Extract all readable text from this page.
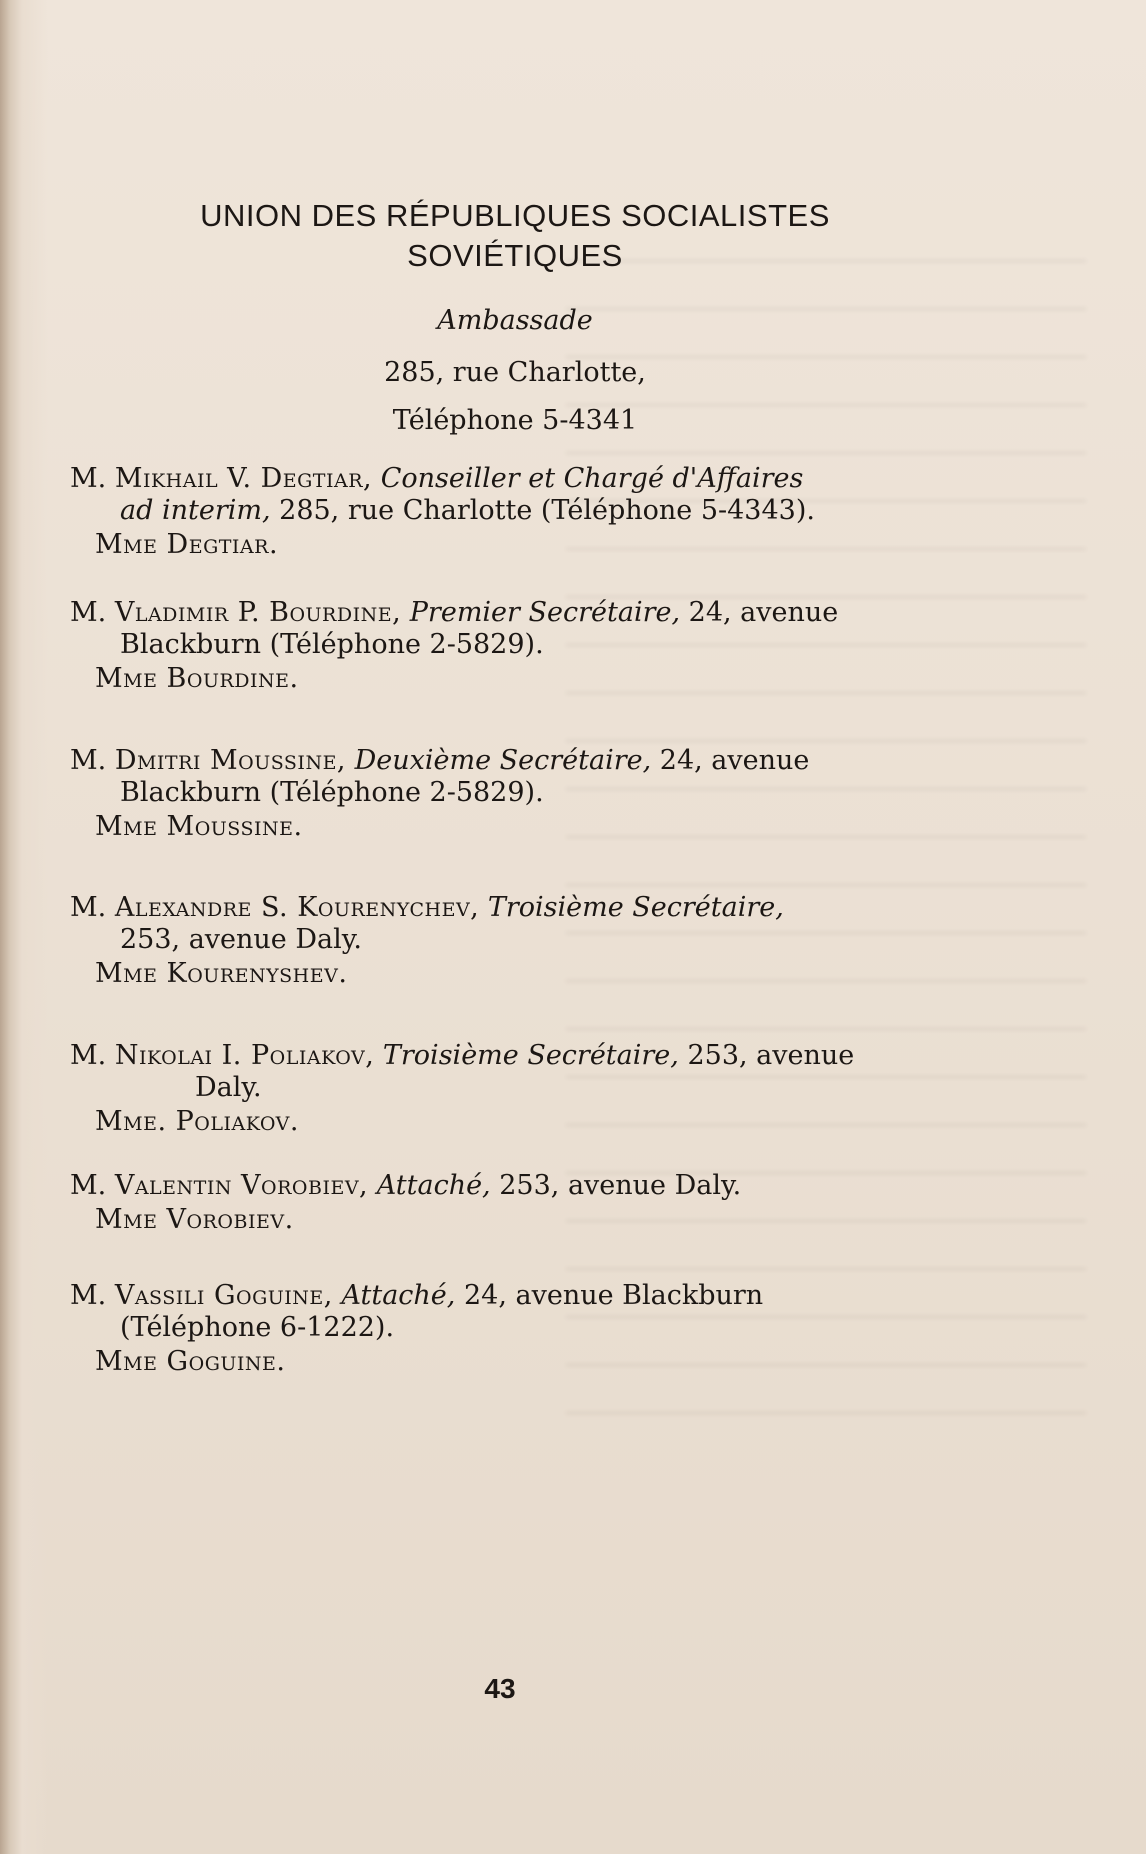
UNION DES RÉPUBLIQUES SOCIALISTES
SOVIÉTIQUES
Ambassade
285, rue Charlotte,
Téléphone 5-4341
M. Mikhail V. Degtiar, Conseiller et Chargé d'Affaires
ad interim, 285, rue Charlotte (Téléphone 5-4343).
Mme Degtiar.
M. Vladimir P. Bourdine, Premier Secrétaire, 24, avenue
Blackburn (Téléphone 2-5829).
Mme Bourdine.
M. Dmitri Moussine, Deuxième Secrétaire, 24, avenue
Blackburn (Téléphone 2-5829).
Mme Moussine.
M. Alexandre S. Kourenychev, Troisième Secrétaire,
253, avenue Daly.
Mme Kourenyshev.
M. Nikolai I. Poliakov, Troisième Secrétaire, 253, avenue
Daly.
Mme. Poliakov.
M. Valentin Vorobiev, Attaché, 253, avenue Daly.
Mme Vorobiev.
M. Vassili Goguine, Attaché, 24, avenue Blackburn
(Téléphone 6-1222).
Mme Goguine.
43
